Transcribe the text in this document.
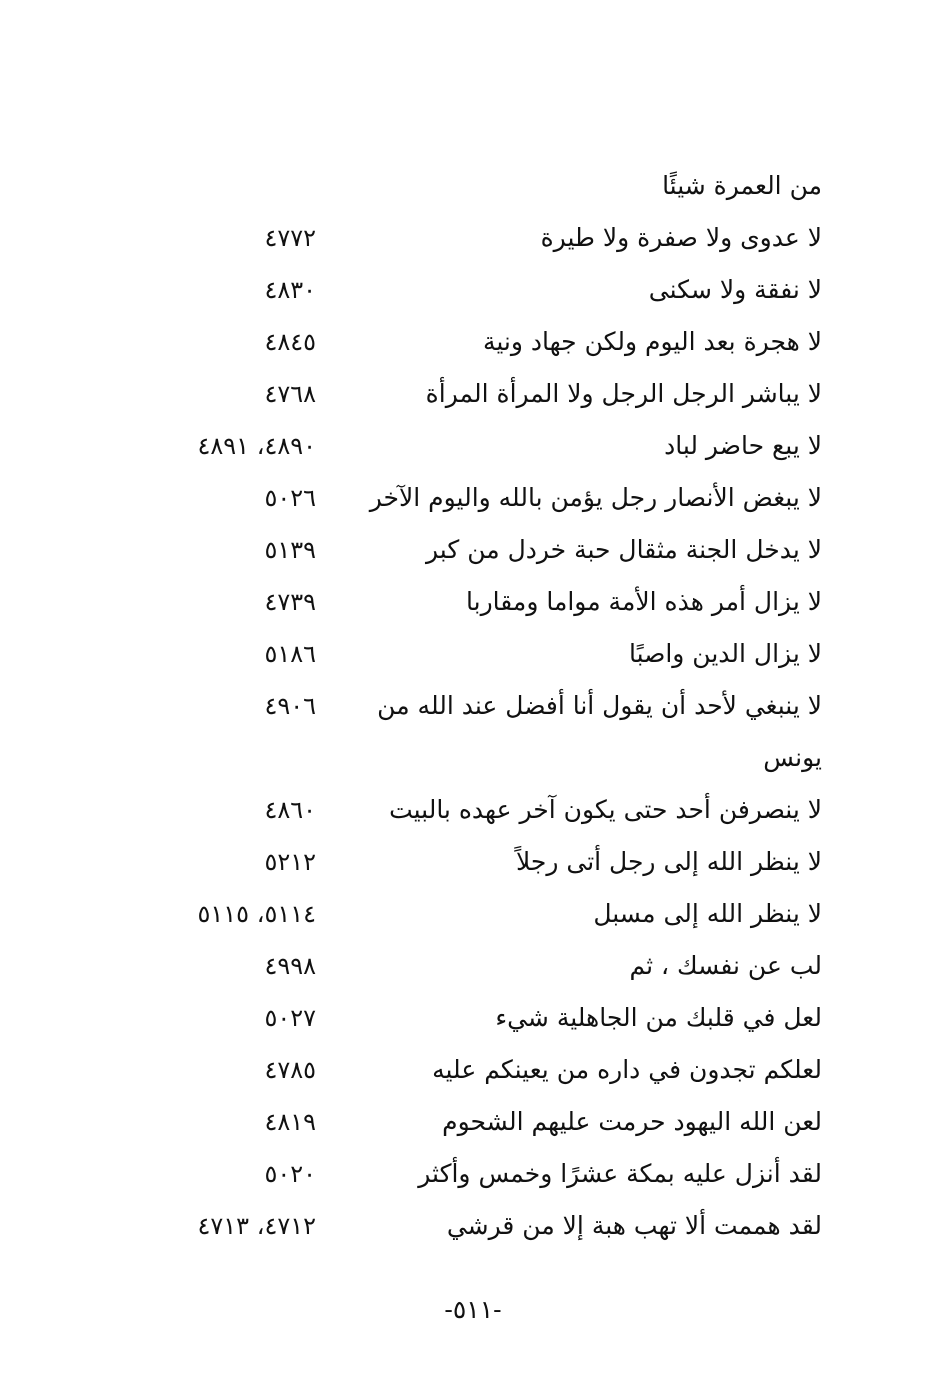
من العمرة شيئًا
لا عدوى ولا صفرة ولا طيرة
٤٧٧٢
لا نفقة ولا سكنى
٤٨٣٠
لا هجرة بعد اليوم ولكن جهاد ونية
٤٨٤٥
لا يباشر الرجل الرجل ولا المرأة المرأة
٤٧٦٨
لا يبع حاضر لباد
٤٨٩٠، ٤٨٩١
لا يبغض الأنصار رجل يؤمن بالله واليوم الآخر
٥٠٢٦
لا يدخل الجنة مثقال حبة خردل من كبر
٥١٣٩
لا يزال أمر هذه الأمة مواما ومقاربا
٤٧٣٩
لا يزال الدين واصبًا
٥١٨٦
لا ينبغي لأحد أن يقول أنا أفضل عند الله من
٤٩٠٦
يونس
لا ينصرفن أحد حتى يكون آخر عهده بالبيت
٤٨٦٠
لا ينظر الله إلى رجل أتى رجلاً
٥٢١٢
لا ينظر الله إلى مسبل
٥١١٤، ٥١١٥
لب عن نفسك ، ثم
٤٩٩٨
لعل في قلبك من الجاهلية شيء
٥٠٢٧
لعلكم تجدون في داره من يعينكم عليه
٤٧٨٥
لعن الله اليهود حرمت عليهم الشحوم
٤٨١٩
لقد أنزل عليه بمكة عشرًا وخمس وأكثر
٥٠٢٠
لقد هممت ألا تهب هبة إلا من قرشي
٤٧١٢، ٤٧١٣
-٥١١-
